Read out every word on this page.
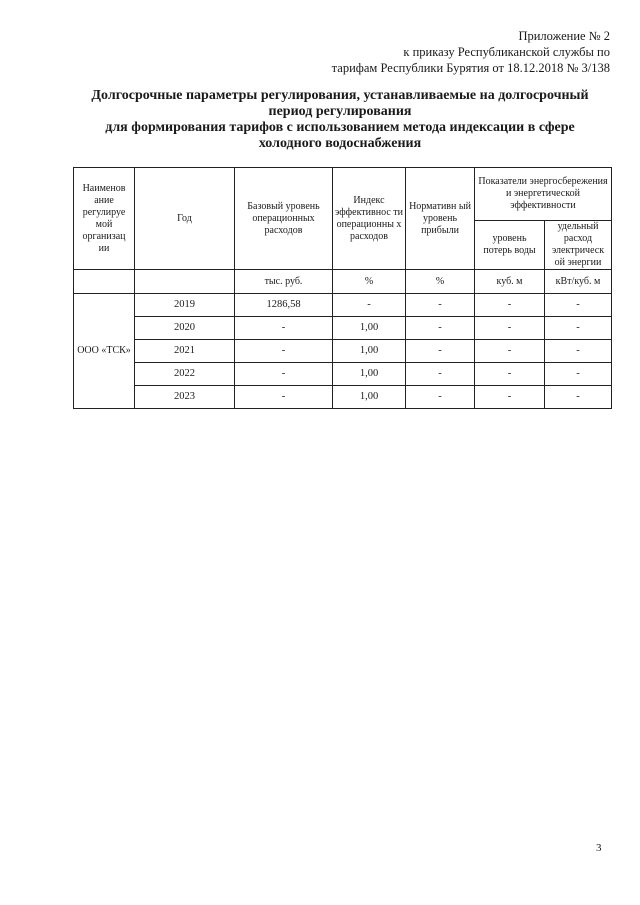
Приложение № 2
к приказу Республиканской службы по
тарифам Республики Бурятия от 18.12.2018 № 3/138
Долгосрочные параметры регулирования, устанавливаемые на долгосрочный
период регулирования
для формирования тарифов с использованием метода индексации в сфере
холодного водоснабжения
Наименов ание регулируе мой организац ии	Год	Базовый уровень операционных расходов	Индекс эффективнос ти операционны х расходов	Нормативн ый уровень прибыли	Показатели энергосбережения и энергетической эффективности	
					уровень потерь воды	удельный расход электрическ ой энергии
		тыс. руб.	%	%	куб. м	кВт/куб. м
ООО «ТСК»	2019	1286,58	-	-	-	-
	2020	-	1,00	-	-	-
	2021	-	1,00	-	-	-
	2022	-	1,00	-	-	-
	2023	-	1,00	-	-	-
3
